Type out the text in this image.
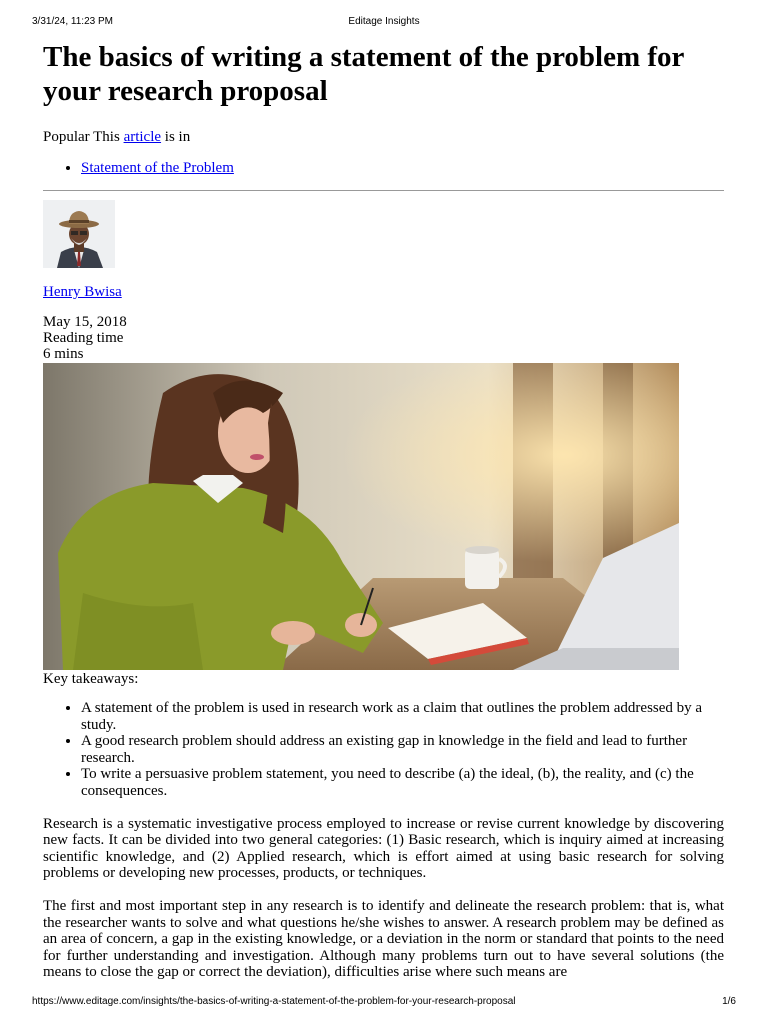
3/31/24, 11:23 PM	Editage Insights
The basics of writing a statement of the problem for your research proposal
Popular This article is in
• Statement of the Problem
Henry Bwisa
May 15, 2018
Reading time
6 mins
Key takeaways:
• A statement of the problem is used in research work as a claim that outlines the problem addressed by a study.
• A good research problem should address an existing gap in knowledge in the field and lead to further research.
• To write a persuasive problem statement, you need to describe (a) the ideal, (b), the reality, and (c) the consequences.

Research is a systematic investigative process employed to increase or revise current knowledge by discovering new facts. It can be divided into two general categories: (1) Basic research, which is inquiry aimed at increasing scientific knowledge, and (2) Applied research, which is effort aimed at using basic research for solving problems or developing new processes, products, or techniques.

The first and most important step in any research is to identify and delineate the research problem: that is, what the researcher wants to solve and what questions he/she wishes to answer. A research problem may be defined as an area of concern, a gap in the existing knowledge, or a deviation in the norm or standard that points to the need for further understanding and investigation. Although many problems turn out to have several solutions (the means to close the gap or correct the deviation), difficulties arise where such means are

https://www.editage.com/insights/the-basics-of-writing-a-statement-of-the-problem-for-your-research-proposal	1/6
